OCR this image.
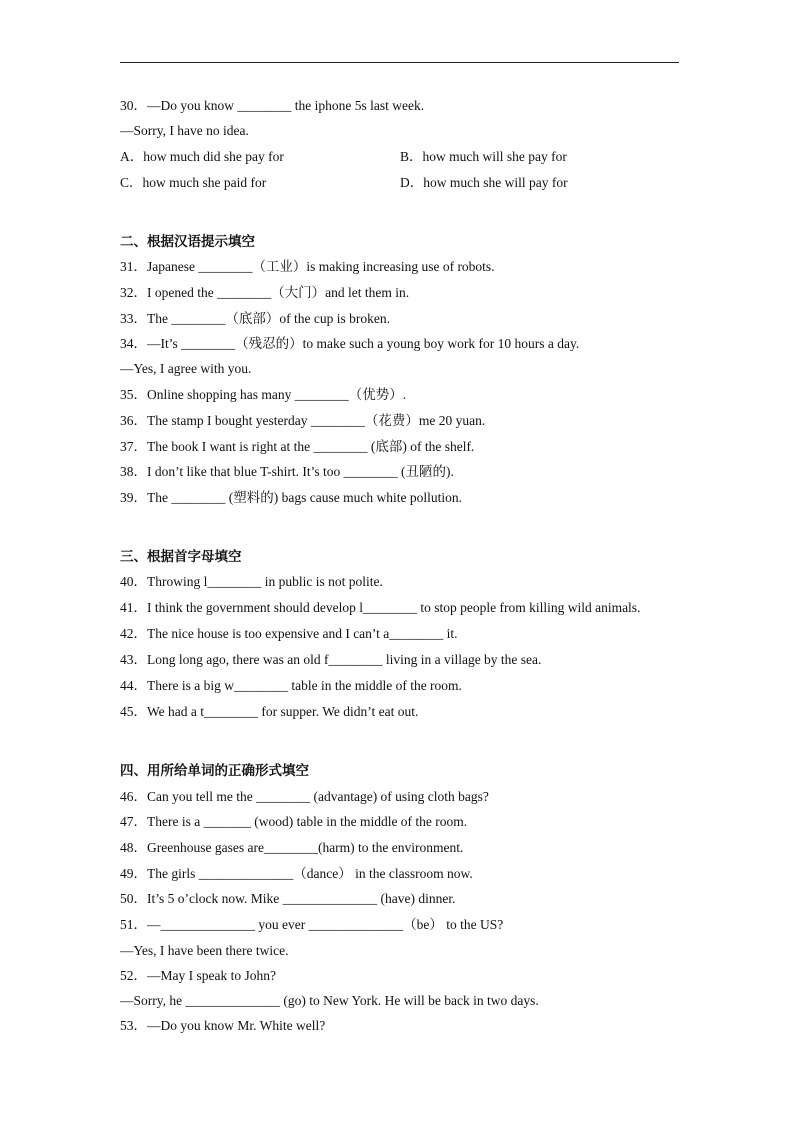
30．—Do you know ________ the iphone 5s last week.
—Sorry, I have no idea.
A．how much did she pay for	B．how much will she pay for
C．how much she paid for	D．how much she will pay for
二、根据汉语提示填空
31．Japanese ________（工业）is making increasing use of robots.
32．I opened the ________（大门）and let them in.
33．The ________（底部）of the cup is broken.
34．—It’s ________（残忍的）to make such a young boy work for 10 hours a day.
—Yes, I agree with you.
35．Online shopping has many ________（优势）.
36．The stamp I bought yesterday ________（花费）me 20 yuan.
37．The book I want is right at the ________ (底部) of the shelf.
38．I don’t like that blue T-shirt. It’s too ________ (丑陋的).
39．The ________ (塑料的) bags cause much white pollution.
三、根据首字母填空
40．Throwing l________ in public is not polite.
41．I think the government should develop l________ to stop people from killing wild animals.
42．The nice house is too expensive and I can’t a________ it.
43．Long long ago, there was an old f________ living in a village by the sea.
44．There is a big w________ table in the middle of the room.
45．We had a t________ for supper. We didn’t eat out.
四、用所给单词的正确形式填空
46．Can you tell me the ________ (advantage) of using cloth bags?
47．There is a _______ (wood) table in the middle of the room.
48．Greenhouse gases are________(harm) to the environment.
49．The girls ______________（dance） in the classroom now.
50．It’s 5 o’clock now. Mike ______________ (have) dinner.
51．—______________ you ever ______________（be） to the US?
—Yes, I have been there twice.
52．—May I speak to John?
—Sorry, he ______________ (go) to New York. He will be back in two days.
53．—Do you know Mr. White well?
